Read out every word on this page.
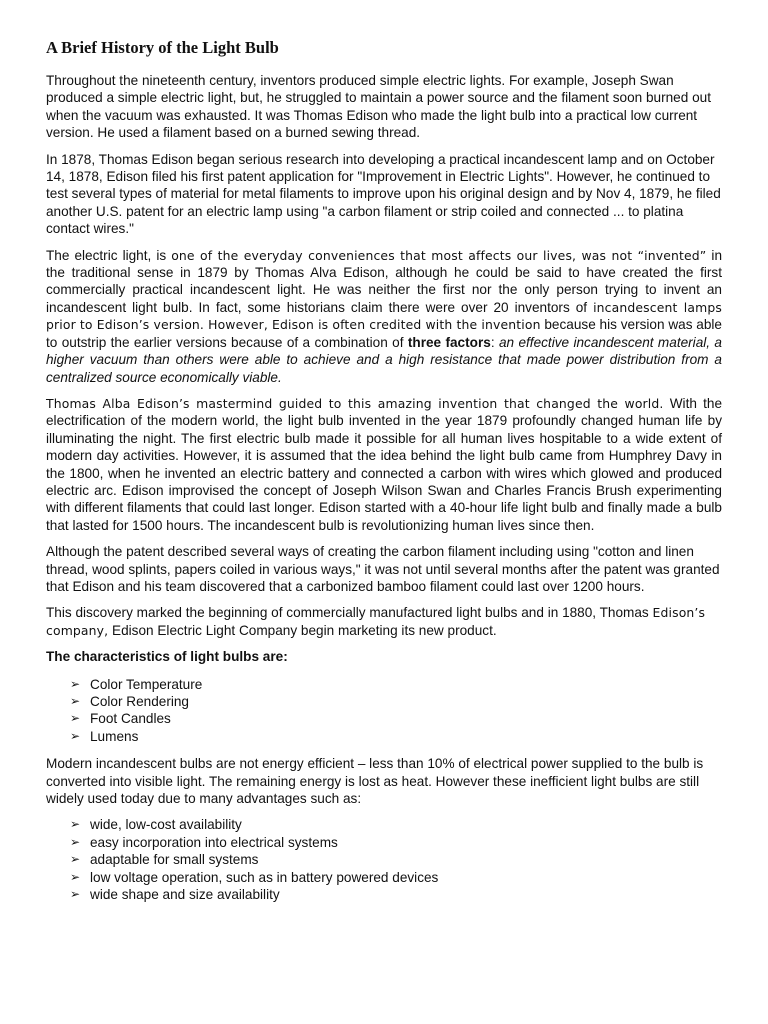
A Brief History of the Light Bulb

Throughout the nineteenth century, inventors produced simple electric lights. For example, Joseph Swan produced a simple electric light, but, he struggled to maintain a power source and the filament soon burned out when the vacuum was exhausted. It was Thomas Edison who made the light bulb into a practical low current version. He used a filament based on a burned sewing thread.

In 1878, Thomas Edison began serious research into developing a practical incandescent lamp and on October 14, 1878, Edison filed his first patent application for "Improvement in Electric Lights". However, he continued to test several types of material for metal filaments to improve upon his original design and by Nov 4, 1879, he filed another U.S. patent for an electric lamp using "a carbon filament or strip coiled and connected ... to platina contact wires."

The electric light, is one of the everyday conveniences that most affects our lives, was not “invented” in the traditional sense in 1879 by Thomas Alva Edison, although he could be said to have created the first commercially practical incandescent light. He was neither the first nor the only person trying to invent an incandescent light bulb. In fact, some historians claim there were over 20 inventors of incandescent lamps prior to Edison’s version. However, Edison is often credited with the invention because his version was able to outstrip the earlier versions because of a combination of three factors: an effective incandescent material, a higher vacuum than others were able to achieve and a high resistance that made power distribution from a centralized source economically viable.

Thomas Alba Edison’s mastermind guided to this amazing invention that changed the world. With the electrification of the modern world, the light bulb invented in the year 1879 profoundly changed human life by illuminating the night. The first electric bulb made it possible for all human lives hospitable to a wide extent of modern day activities. However, it is assumed that the idea behind the light bulb came from Humphrey Davy in the 1800, when he invented an electric battery and connected a carbon with wires which glowed and produced electric arc. Edison improvised the concept of Joseph Wilson Swan and Charles Francis Brush experimenting with different filaments that could last longer. Edison started with a 40-hour life light bulb and finally made a bulb that lasted for 1500 hours. The incandescent bulb is revolutionizing human lives since then.

Although the patent described several ways of creating the carbon filament including using "cotton and linen thread, wood splints, papers coiled in various ways," it was not until several months after the patent was granted that Edison and his team discovered that a carbonized bamboo filament could last over 1200 hours.

This discovery marked the beginning of commercially manufactured light bulbs and in 1880, Thomas Edison’s company, Edison Electric Light Company begin marketing its new product.

The characteristics of light bulbs are:

➢ Color Temperature
➢ Color Rendering
➢ Foot Candles
➢ Lumens

Modern incandescent bulbs are not energy efficient – less than 10% of electrical power supplied to the bulb is converted into visible light. The remaining energy is lost as heat. However these inefficient light bulbs are still widely used today due to many advantages such as:

➢ wide, low-cost availability
➢ easy incorporation into electrical systems
➢ adaptable for small systems
➢ low voltage operation, such as in battery powered devices
➢ wide shape and size availability
